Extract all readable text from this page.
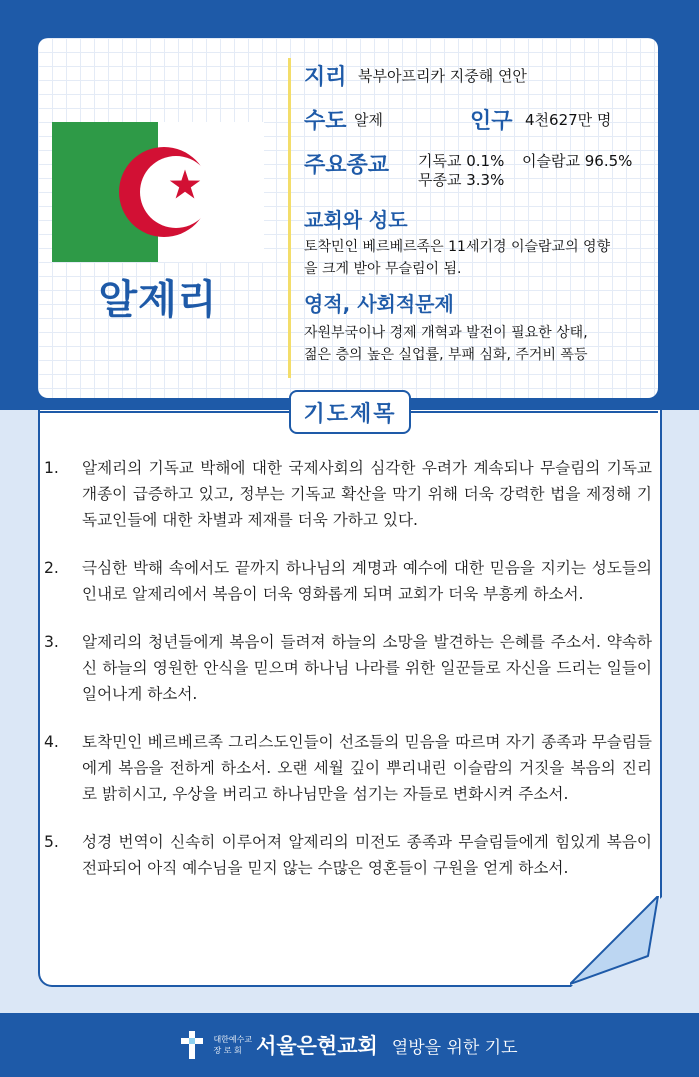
알제리
지리 북부아프리카 지중해 연안
수도 알제	인구 4천627만 명
주요종교 기독교 0.1% 이슬람교 96.5%
무종교 3.3%
교회와 성도
토착민인 베르베르족은 11세기경 이슬람교의 영향
을 크게 받아 무슬림이 됨.
영적, 사회적문제
자원부국이나 경제 개혁과 발전이 필요한 상태,
젊은 층의 높은 실업률, 부패 심화, 주거비 폭등
기도제목
1.	알제리의 기독교 박해에 대한 국제사회의 심각한 우려가 계속되나 무슬림의 기독교 개종이 급증하고 있고, 정부는 기독교 확산을 막기 위해 더욱 강력한 법을 제정해 기독교인들에 대한 차별과 제재를 더욱 가하고 있다.
2.	극심한 박해 속에서도 끝까지 하나님의 계명과 예수에 대한 믿음을 지키는 성도들의 인내로 알제리에서 복음이 더욱 영화롭게 되며 교회가 더욱 부흥케 하소서.
3.	알제리의 청년들에게 복음이 들려져 하늘의 소망을 발견하는 은혜를 주소서. 약속하신 하늘의 영원한 안식을 믿으며 하나님 나라를 위한 일꾼들로 자신을 드리는 일들이 일어나게 하소서.
4.	토착민인 베르베르족 그리스도인들이 선조들의 믿음을 따르며 자기 종족과 무슬림들에게 복음을 전하게 하소서. 오랜 세월 깊이 뿌리내린 이슬람의 거짓을 복음의 진리로 밝히시고, 우상을 버리고 하나님만을 섬기는 자들로 변화시켜 주소서.
5.	성경 번역이 신속히 이루어져 알제리의 미전도 종족과 무슬림들에게 힘있게 복음이 전파되어 아직 예수님을 믿지 않는 수많은 영혼들이 구원을 얻게 하소서.
대한예수교
장 로 회 서울은현교회 열방을 위한 기도
